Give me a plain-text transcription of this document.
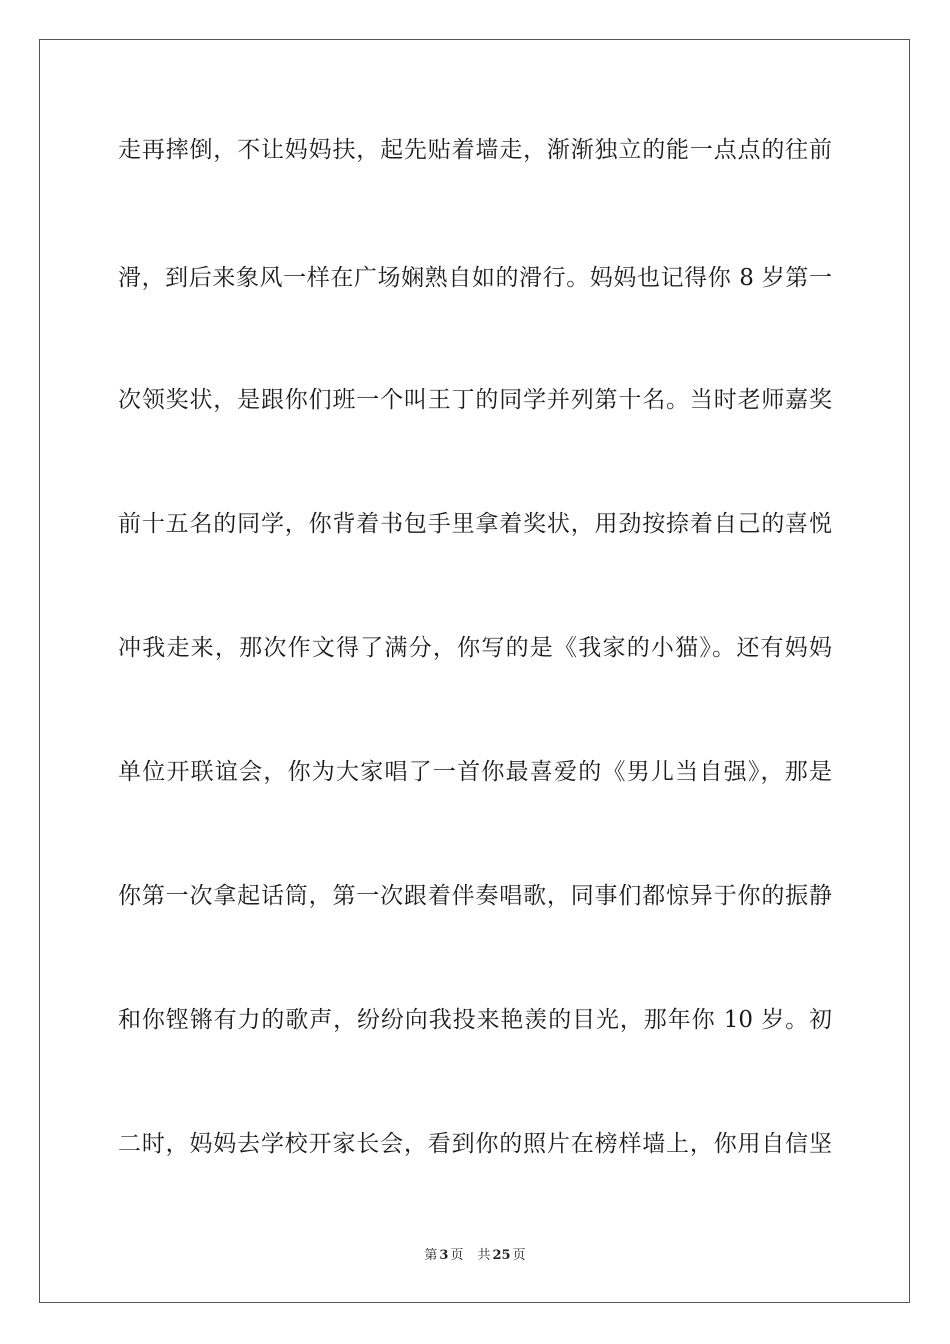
走再摔倒，不让妈妈扶，起先贴着墙走，渐渐独立的能一点点的往前
滑，到后来象风一样在广场娴熟自如的滑行。妈妈也记得你 8 岁第一
次领奖状，是跟你们班一个叫王丁的同学并列第十名。当时老师嘉奖
前十五名的同学，你背着书包手里拿着奖状，用劲按捺着自己的喜悦
冲我走来，那次作文得了满分，你写的是《我家的小猫》。还有妈妈
单位开联谊会，你为大家唱了一首你最喜爱的《男儿当自强》，那是
你第一次拿起话筒，第一次跟着伴奏唱歌，同事们都惊异于你的振静
和你铿锵有力的歌声，纷纷向我投来艳羡的目光，那年你 10 岁。初
二时，妈妈去学校开家长会，看到你的照片在榜样墙上，你用自信坚
第 3 页 共 25 页
